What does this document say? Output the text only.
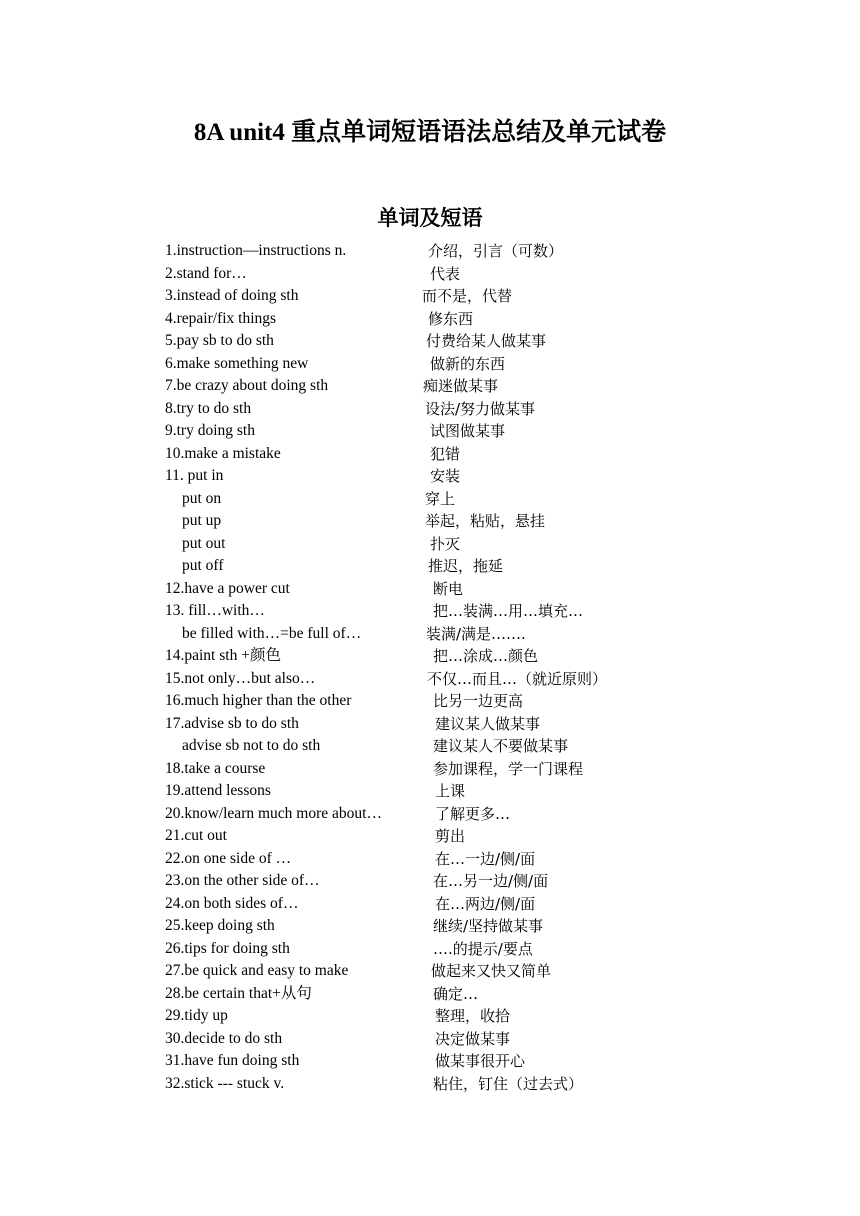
8A unit4 重点单词短语语法总结及单元试卷
单词及短语
1.instruction—instructions n.	介绍，引言（可数）
2.stand for…	代表
3.instead of doing sth	而不是，代替
4.repair/fix things	修东西
5.pay sb to do sth	付费给某人做某事
6.make something new	做新的东西
7.be crazy about doing sth	痴迷做某事
8.try to do sth	设法/努力做某事
9.try doing sth	试图做某事
10.make a mistake	犯错
11. put in	安装
put on	穿上
put up	举起，粘贴，悬挂
put out	扑灭
put off	推迟，拖延
12.have a power cut	断电
13. fill…with…	把…装满…用…填充…
be filled with…=be full of…	装满/满是…….
14.paint sth +颜色	把…涂成…颜色
15.not only…but also…	不仅…而且…（就近原则）
16.much higher than the other	比另一边更高
17.advise sb to do sth	建议某人做某事
advise sb not to do sth	建议某人不要做某事
18.take a course	参加课程，学一门课程
19.attend lessons	上课
20.know/learn much more about…	了解更多…
21.cut out	剪出
22.on one side of …	在…一边/侧/面
23.on the other side of…	在…另一边/侧/面
24.on both sides of…	在…两边/侧/面
25.keep doing sth	继续/坚持做某事
26.tips for doing sth	….的提示/要点
27.be quick and easy to make	做起来又快又简单
28.be certain that+从句	确定…
29.tidy up	整理，收拾
30.decide to do sth	决定做某事
31.have fun doing sth	做某事很开心
32.stick --- stuck v.	粘住，钉住（过去式）
